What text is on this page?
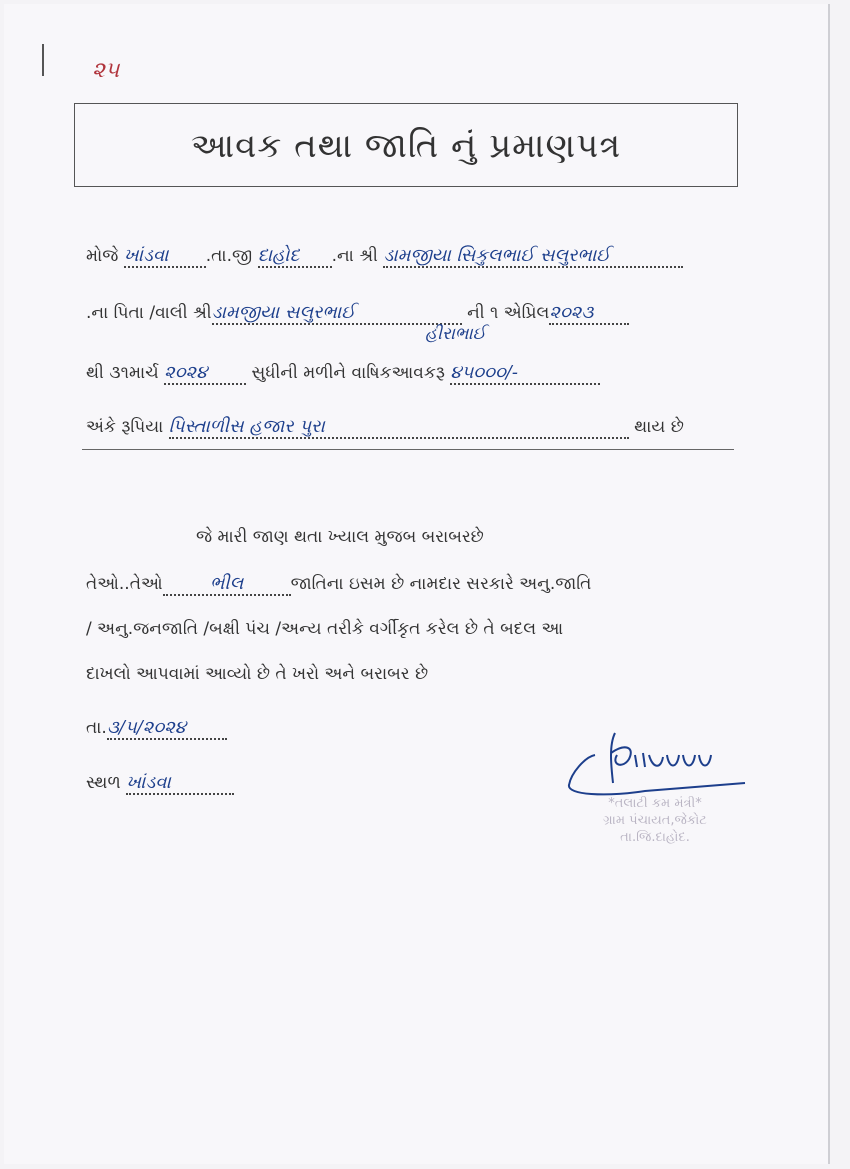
૨૫
આવક તથા જાતિ નું પ્રમાણપત્ર
મોજે ખાંડવા .તા.જી દાહોદ .ના શ્રી ડામજીયા સિકુલભાઈ સલુરભાઈ
.ના પિતા /વાલી શ્રીડામજીયા સલુરભાઈ	ની ૧ એપ્રિલ૨૦૨૩
હીરાભાઈ
થી ૩૧માર્ચ ૨૦૨૪	સુધીની મળીને વાષિકઆવકરૂ ૪૫૦૦૦/-
અંકે રૂપિયા પિસ્તાળીસ હજાર પુરા	થાય છે
જે મારી જાણ થતા ખ્યાલ મુજબ બરાબરછે
તેઓ..તેઓ	ભીલ	જાતિના ઇસમ છે નામદાર સરકારે અનુ.જાતિ
/ અનુ.જનજાતિ /બક્ષી પંચ /અન્ય તરીકે વર્ગીકૃત કરેલ છે તે બદલ આ
દાખલો આપવામાં આવ્યો છે તે ખરો અને બરાબર છે
તા.૩/૫/૨૦૨૪
સ્થળ ખાંડવા
*તલાટી કમ મંત્રી*
ગ્રામ પંચાયત,જેકોટ
તા.જિ.દાહોદ.
